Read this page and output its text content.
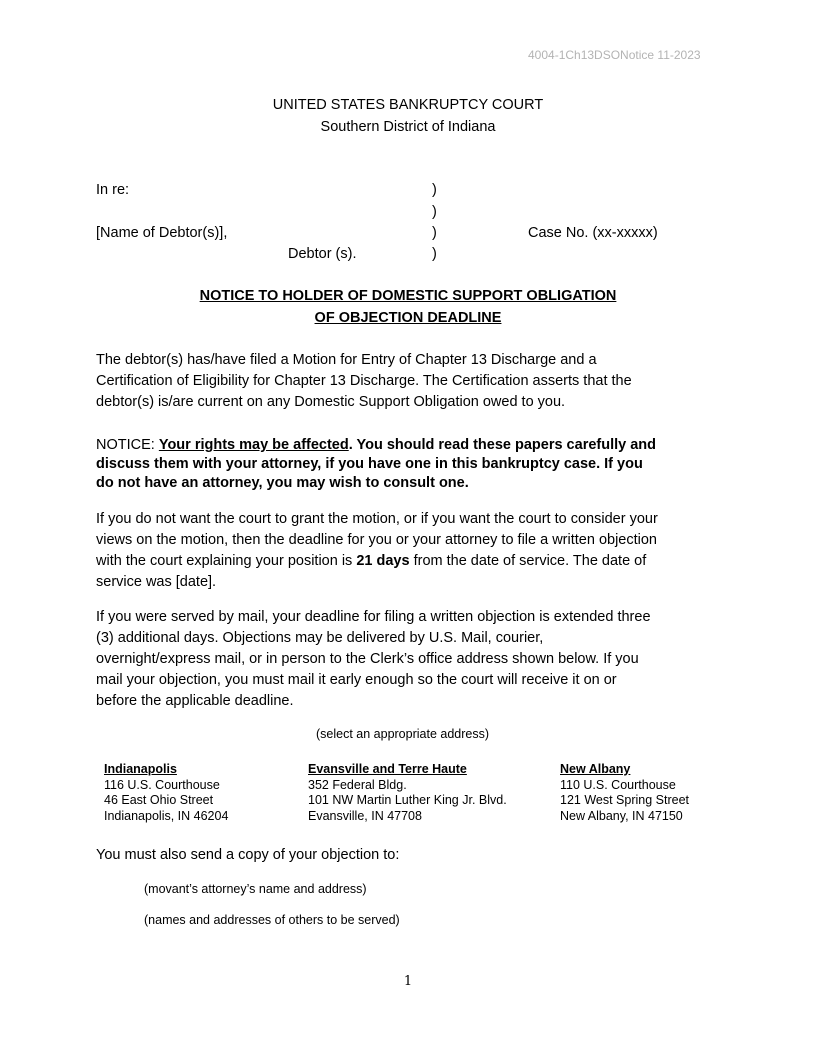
4004-1Ch13DSONotice 11-2023
UNITED STATES BANKRUPTCY COURT
Southern District of Indiana
In re:
[Name of Debtor(s)],
Debtor (s).
)
)
)
)
Case No. (xx-xxxxx)
NOTICE TO HOLDER OF DOMESTIC SUPPORT OBLIGATION
OF OBJECTION DEADLINE
The debtor(s) has/have filed a Motion for Entry of Chapter 13 Discharge and a
Certification of Eligibility for Chapter 13 Discharge. The Certification asserts that the
debtor(s) is/are current on any Domestic Support Obligation owed to you.
NOTICE: Your rights may be affected. You should read these papers carefully and
discuss them with your attorney, if you have one in this bankruptcy case. If you
do not have an attorney, you may wish to consult one.
If you do not want the court to grant the motion, or if you want the court to consider your
views on the motion, then the deadline for you or your attorney to file a written objection
with the court explaining your position is 21 days from the date of service. The date of
service was [date].
If you were served by mail, your deadline for filing a written objection is extended three
(3) additional days. Objections may be delivered by U.S. Mail, courier,
overnight/express mail, or in person to the Clerk’s office address shown below. If you
mail your objection, you must mail it early enough so the court will receive it on or
before the applicable deadline.
(select an appropriate address)
Indianapolis
116 U.S. Courthouse
46 East Ohio Street
Indianapolis, IN 46204
Evansville and Terre Haute
352 Federal Bldg.
101 NW Martin Luther King Jr. Blvd.
Evansville, IN 47708
New Albany
110 U.S. Courthouse
121 West Spring Street
New Albany, IN 47150
You must also send a copy of your objection to:
(movant’s attorney’s name and address)
(names and addresses of others to be served)
1
